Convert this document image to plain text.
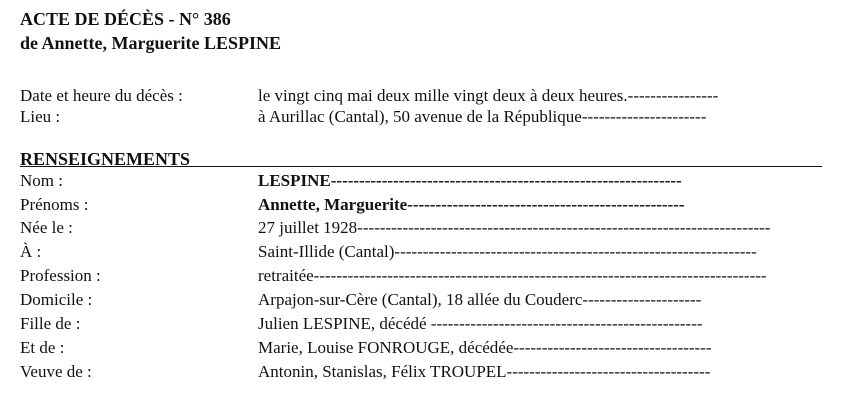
ACTE DE DÉCÈS - N° 386
de Annette, Marguerite LESPINE
Date et heure du décès :	le vingt cinq mai deux mille vingt deux à deux heures.----------------
Lieu :	à Aurillac (Cantal), 50 avenue de la République----------------------
RENSEIGNEMENTS
Nom :	LESPINE--------------------------------------------------------------
Prénoms :	Annette, Marguerite-------------------------------------------------
Née le :	27 juillet 1928-------------------------------------------------------------------------
À :	Saint-Illide (Cantal)----------------------------------------------------------------
Profession :	retraitée--------------------------------------------------------------------------------
Domicile :	Arpajon-sur-Cère (Cantal), 18 allée du Couderc---------------------
Fille de :	Julien LESPINE, décédé ------------------------------------------------
Et de :	Marie, Louise FONROUGE, décédée-----------------------------------
Veuve de :	Antonin, Stanislas, Félix TROUPEL------------------------------------
